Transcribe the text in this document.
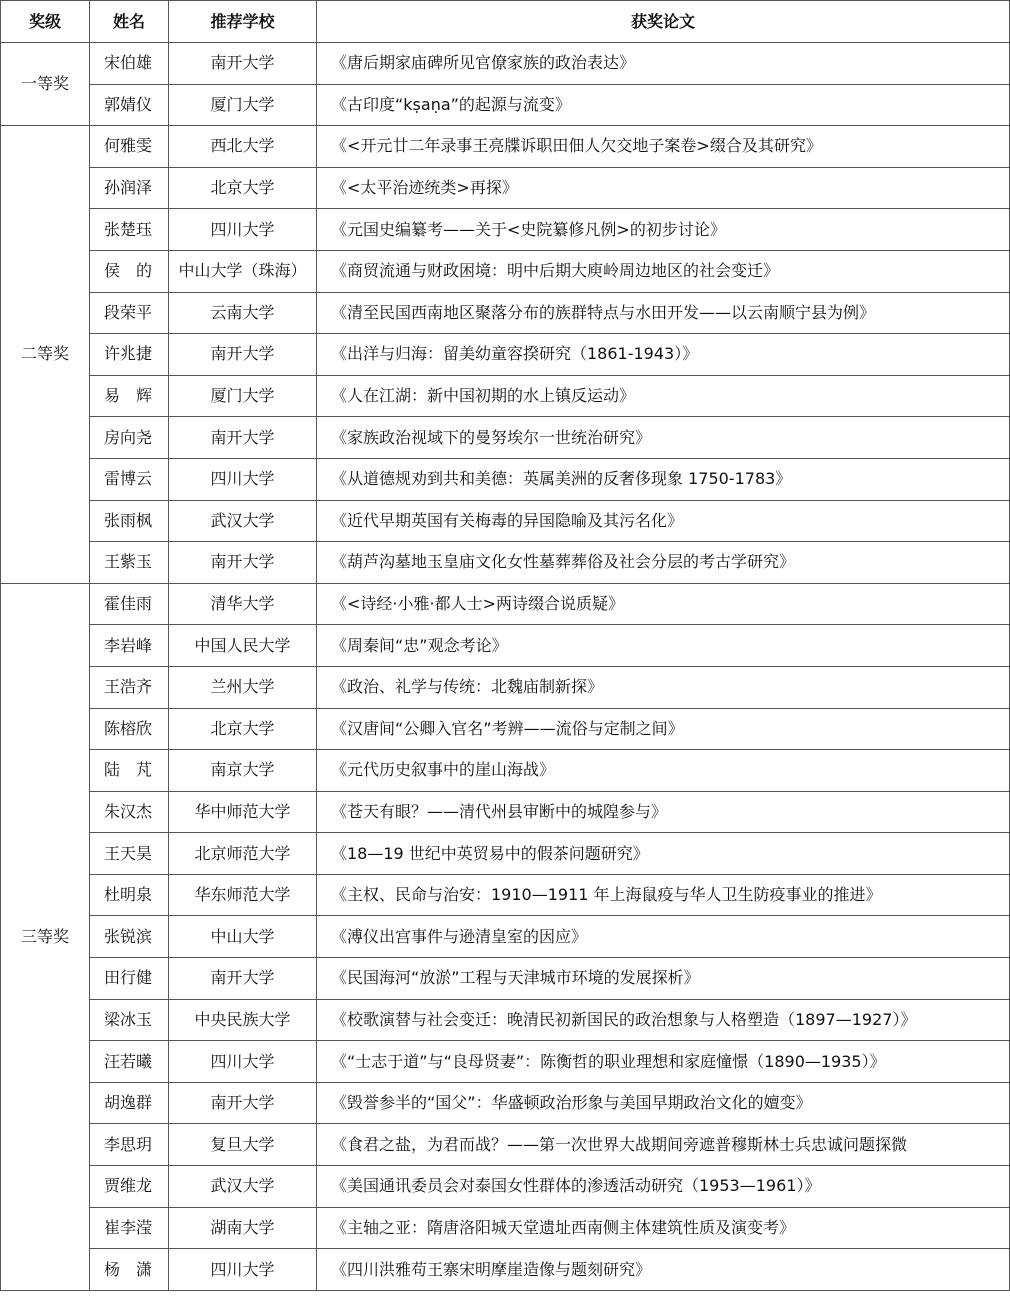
奖级	姓名	推荐学校	获奖论文
一等奖	宋伯雄	南开大学	《唐后期家庙碑所见官僚家族的政治表达》
	郭婧仪	厦门大学	《古印度“kṣaṇa”的起源与流变》
二等奖	何雅雯	西北大学	《<开元廿二年录事王亮牒诉职田佃人欠交地子案卷>缀合及其研究》
	孙润泽	北京大学	《<太平治迹统类>再探》
	张楚珏	四川大学	《元国史编纂考——关于<史院纂修凡例>的初步讨论》
	侯　的	中山大学（珠海）	《商贸流通与财政困境：明中后期大庾岭周边地区的社会变迁》
	段荣平	云南大学	《清至民国西南地区聚落分布的族群特点与水田开发——以云南顺宁县为例》
	许兆捷	南开大学	《出洋与归海：留美幼童容揆研究（1861-1943）》
	易　辉	厦门大学	《人在江湖：新中国初期的水上镇反运动》
	房向尧	南开大学	《家族政治视域下的曼努埃尔一世统治研究》
	雷博云	四川大学	《从道德规劝到共和美德：英属美洲的反奢侈现象 1750-1783》
	张雨枫	武汉大学	《近代早期英国有关梅毒的异国隐喻及其污名化》
	王紫玉	南开大学	《葫芦沟墓地玉皇庙文化女性墓葬葬俗及社会分层的考古学研究》
三等奖	霍佳雨	清华大学	《<诗经·小雅·都人士>两诗缀合说质疑》
	李岩峰	中国人民大学	《周秦间“忠”观念考论》
	王浩齐	兰州大学	《政治、礼学与传统：北魏庙制新探》
	陈榕欣	北京大学	《汉唐间“公卿入官名”考辨——流俗与定制之间》
	陆　芃	南京大学	《元代历史叙事中的崖山海战》
	朱汉杰	华中师范大学	《苍天有眼？——清代州县审断中的城隍参与》
	王天昊	北京师范大学	《18—19 世纪中英贸易中的假茶问题研究》
	杜明泉	华东师范大学	《主权、民命与治安：1910—1911 年上海鼠疫与华人卫生防疫事业的推进》
	张锐滨	中山大学	《溥仪出宫事件与逊清皇室的因应》
	田行健	南开大学	《民国海河“放淤”工程与天津城市环境的发展探析》
	梁冰玉	中央民族大学	《校歌演替与社会变迁：晚清民初新国民的政治想象与人格塑造（1897—1927）》
	汪若曦	四川大学	《“士志于道”与“良母贤妻”：陈衡哲的职业理想和家庭憧憬（1890—1935）》
	胡逸群	南开大学	《毁誉参半的“国父”：华盛顿政治形象与美国早期政治文化的嬗变》
	李思玥	复旦大学	《食君之盐，为君而战？——第一次世界大战期间旁遮普穆斯林士兵忠诚问题探微
	贾维龙	武汉大学	《美国通讯委员会对泰国女性群体的渗透活动研究（1953—1961）》
	崔李滢	湖南大学	《主轴之亚：隋唐洛阳城天堂遗址西南侧主体建筑性质及演变考》
	杨　潇	四川大学	《四川洪雅苟王寨宋明摩崖造像与题刻研究》
